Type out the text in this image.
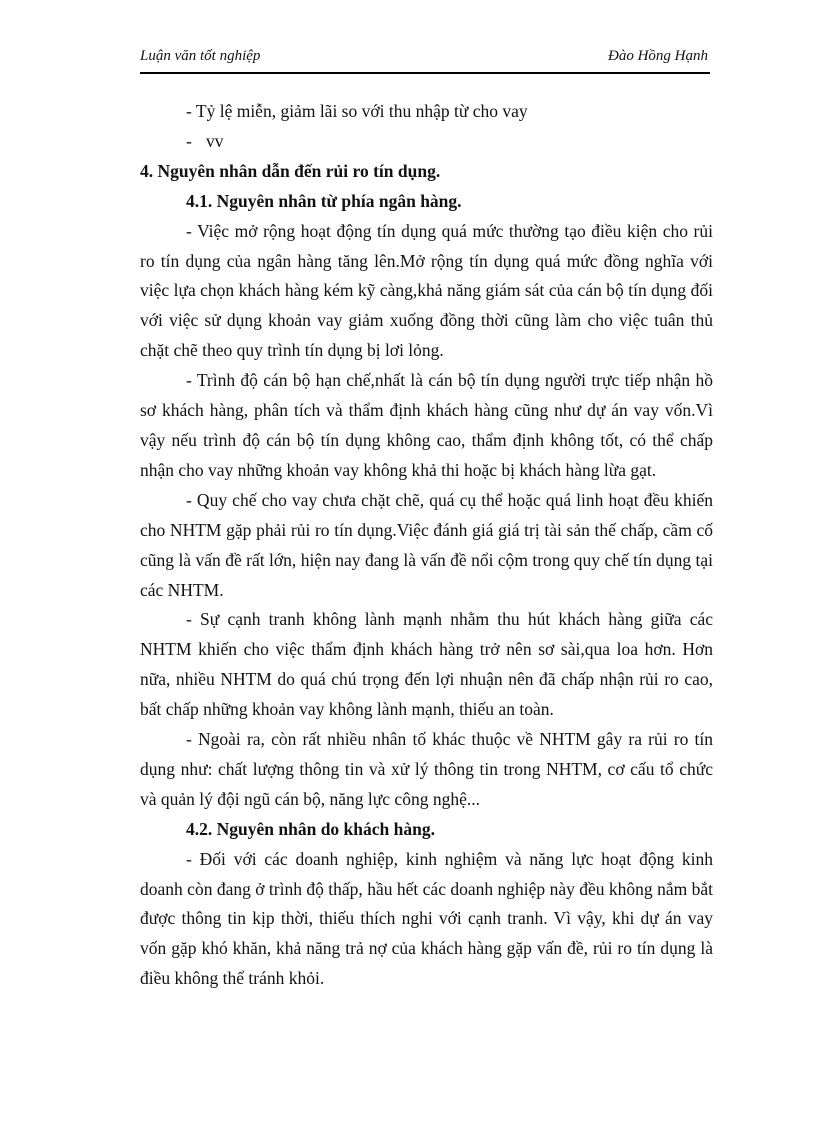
Luận văn tốt nghiệp	Đào Hồng Hạnh

- Tỷ lệ miễn, giảm lãi so với thu nhập từ cho vay

- vv

4. Nguyên nhân dẫn đến rủi ro tín dụng.

4.1. Nguyên nhân từ phía ngân hàng.

- Việc mở rộng hoạt động tín dụng quá mức thường tạo điều kiện cho rủi ro tín dụng của ngân hàng tăng lên.Mở rộng tín dụng quá mức đồng nghĩa với việc lựa chọn khách hàng kém kỹ càng,khả năng giám sát của cán bộ tín dụng đối với việc sử dụng khoản vay giảm xuống đồng thời cũng làm cho việc tuân thủ chặt chẽ theo quy trình tín dụng bị lơi lỏng.

- Trình độ cán bộ hạn chế,nhất là cán bộ tín dụng người trực tiếp nhận hồ sơ khách hàng, phân tích và thẩm định khách hàng cũng như dự án vay vốn.Vì vậy nếu trình độ cán bộ tín dụng không cao, thẩm định không tốt, có thể chấp nhận cho vay những khoản vay không khả thi hoặc bị khách hàng lừa gạt.

- Quy chế cho vay chưa chặt chẽ, quá cụ thể hoặc quá linh hoạt đều khiến cho NHTM gặp phải rủi ro tín dụng.Việc đánh giá giá trị tài sản thế chấp, cầm cố cũng là vấn đề rất lớn, hiện nay đang là vấn đề nổi cộm trong quy chế tín dụng tại các NHTM.

- Sự cạnh tranh không lành mạnh nhằm thu hút khách hàng giữa các NHTM khiến cho việc thẩm định khách hàng trở nên sơ sài,qua loa hơn. Hơn nữa, nhiều NHTM do quá chú trọng đến lợi nhuận nên đã chấp nhận rủi ro cao, bất chấp những khoản vay không lành mạnh, thiếu an toàn.

- Ngoài ra, còn rất nhiều nhân tố khác thuộc về NHTM gây ra rủi ro tín dụng như: chất lượng thông tin và xử lý thông tin trong NHTM, cơ cấu tổ chức và quản lý đội ngũ cán bộ, năng lực công nghệ...

4.2. Nguyên nhân do khách hàng.

- Đối với các doanh nghiệp, kinh nghiệm và năng lực hoạt động kinh doanh còn đang ở trình độ thấp, hầu hết các doanh nghiệp này đều không nắm bắt được thông tin kịp thời, thiếu thích nghi với cạnh tranh. Vì vậy, khi dự án vay vốn gặp khó khăn, khả năng trả nợ của khách hàng gặp vấn đề, rủi ro tín dụng là điều không thể tránh khỏi.
